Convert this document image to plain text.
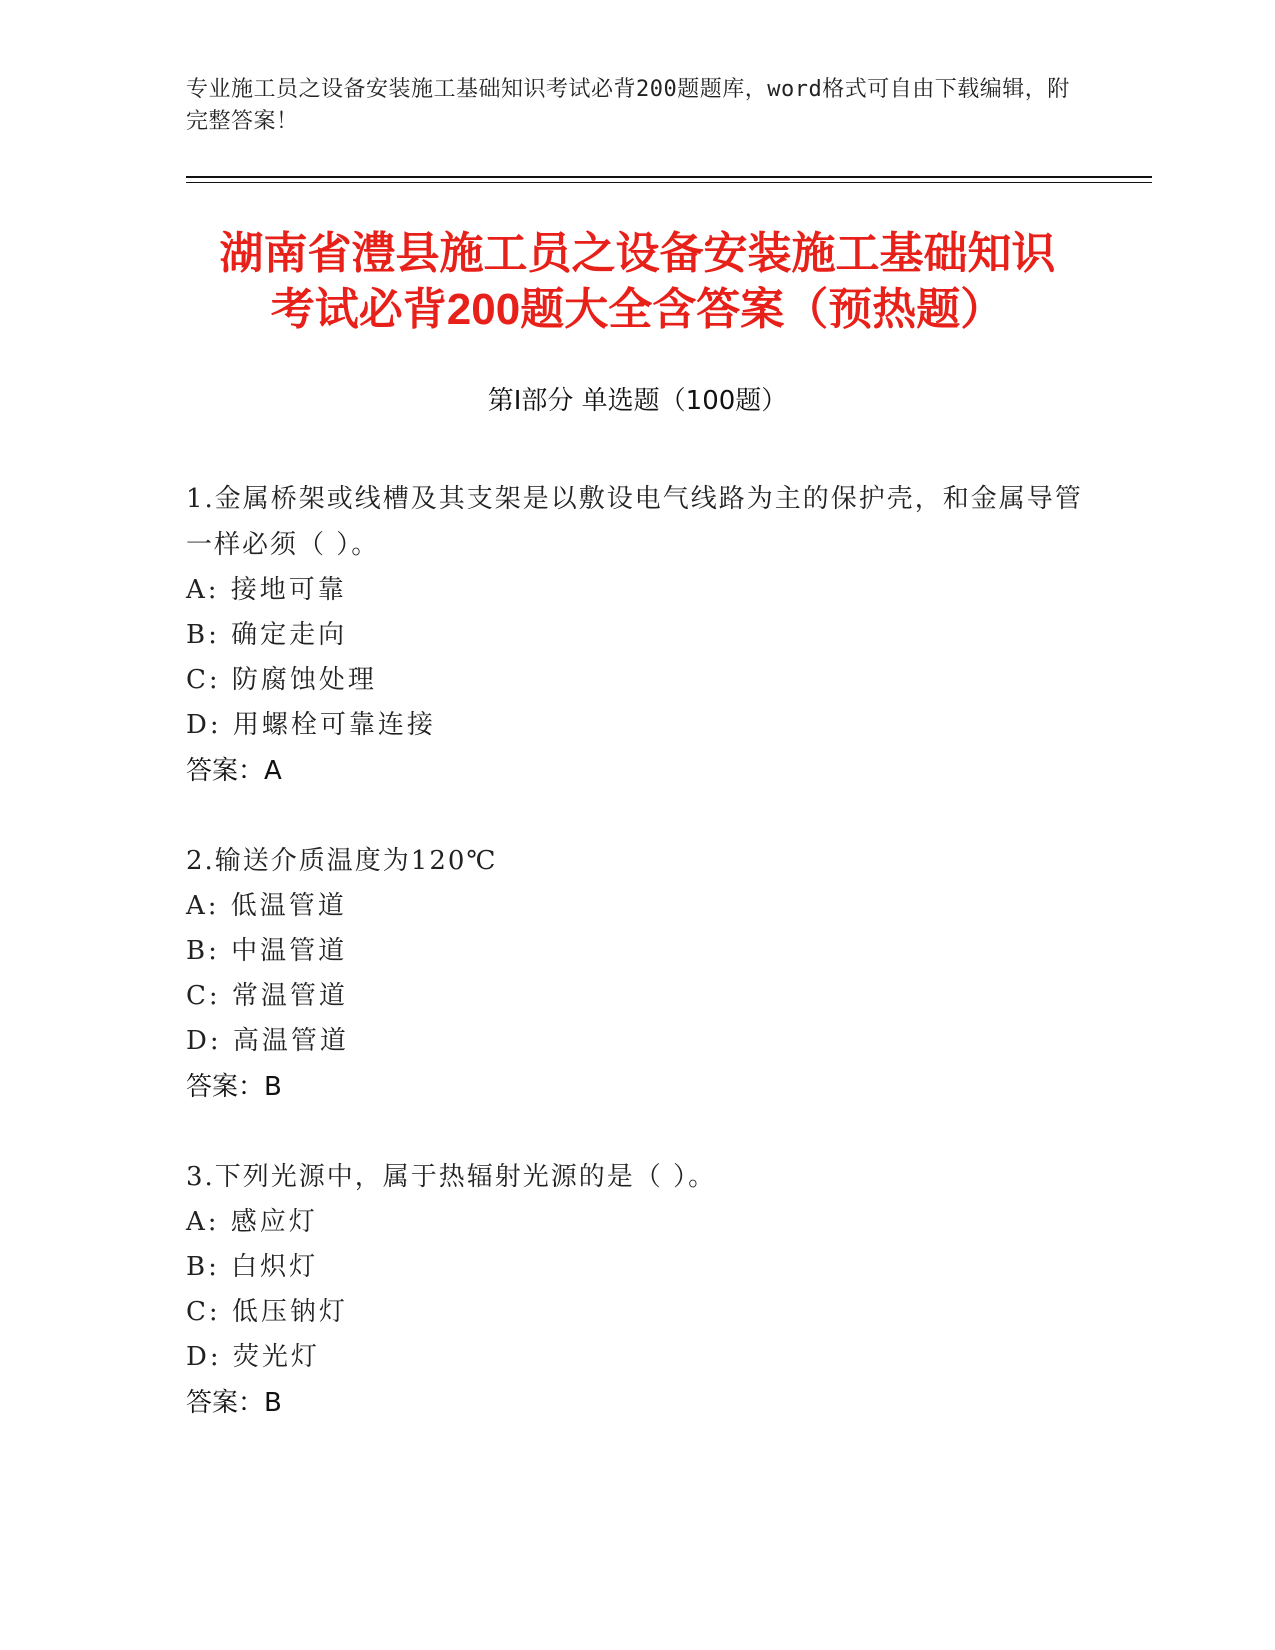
专业施工员之设备安装施工基础知识考试必背200题题库，word格式可自由下载编辑，附完整答案！
湖南省澧县施工员之设备安装施工基础知识
考试必背200题大全含答案（预热题）
第Ⅰ部分 单选题（100题）
1.金属桥架或线槽及其支架是以敷设电气线路为主的保护壳，和金属导管一样必须（ ）。
A: 接地可靠
B: 确定走向
C: 防腐蚀处理
D: 用螺栓可靠连接
答案：A
2.输送介质温度为120℃
A: 低温管道
B: 中温管道
C: 常温管道
D: 高温管道
答案：B
3.下列光源中，属于热辐射光源的是（ ）。
A: 感应灯
B: 白炽灯
C: 低压钠灯
D: 荧光灯
答案：B
